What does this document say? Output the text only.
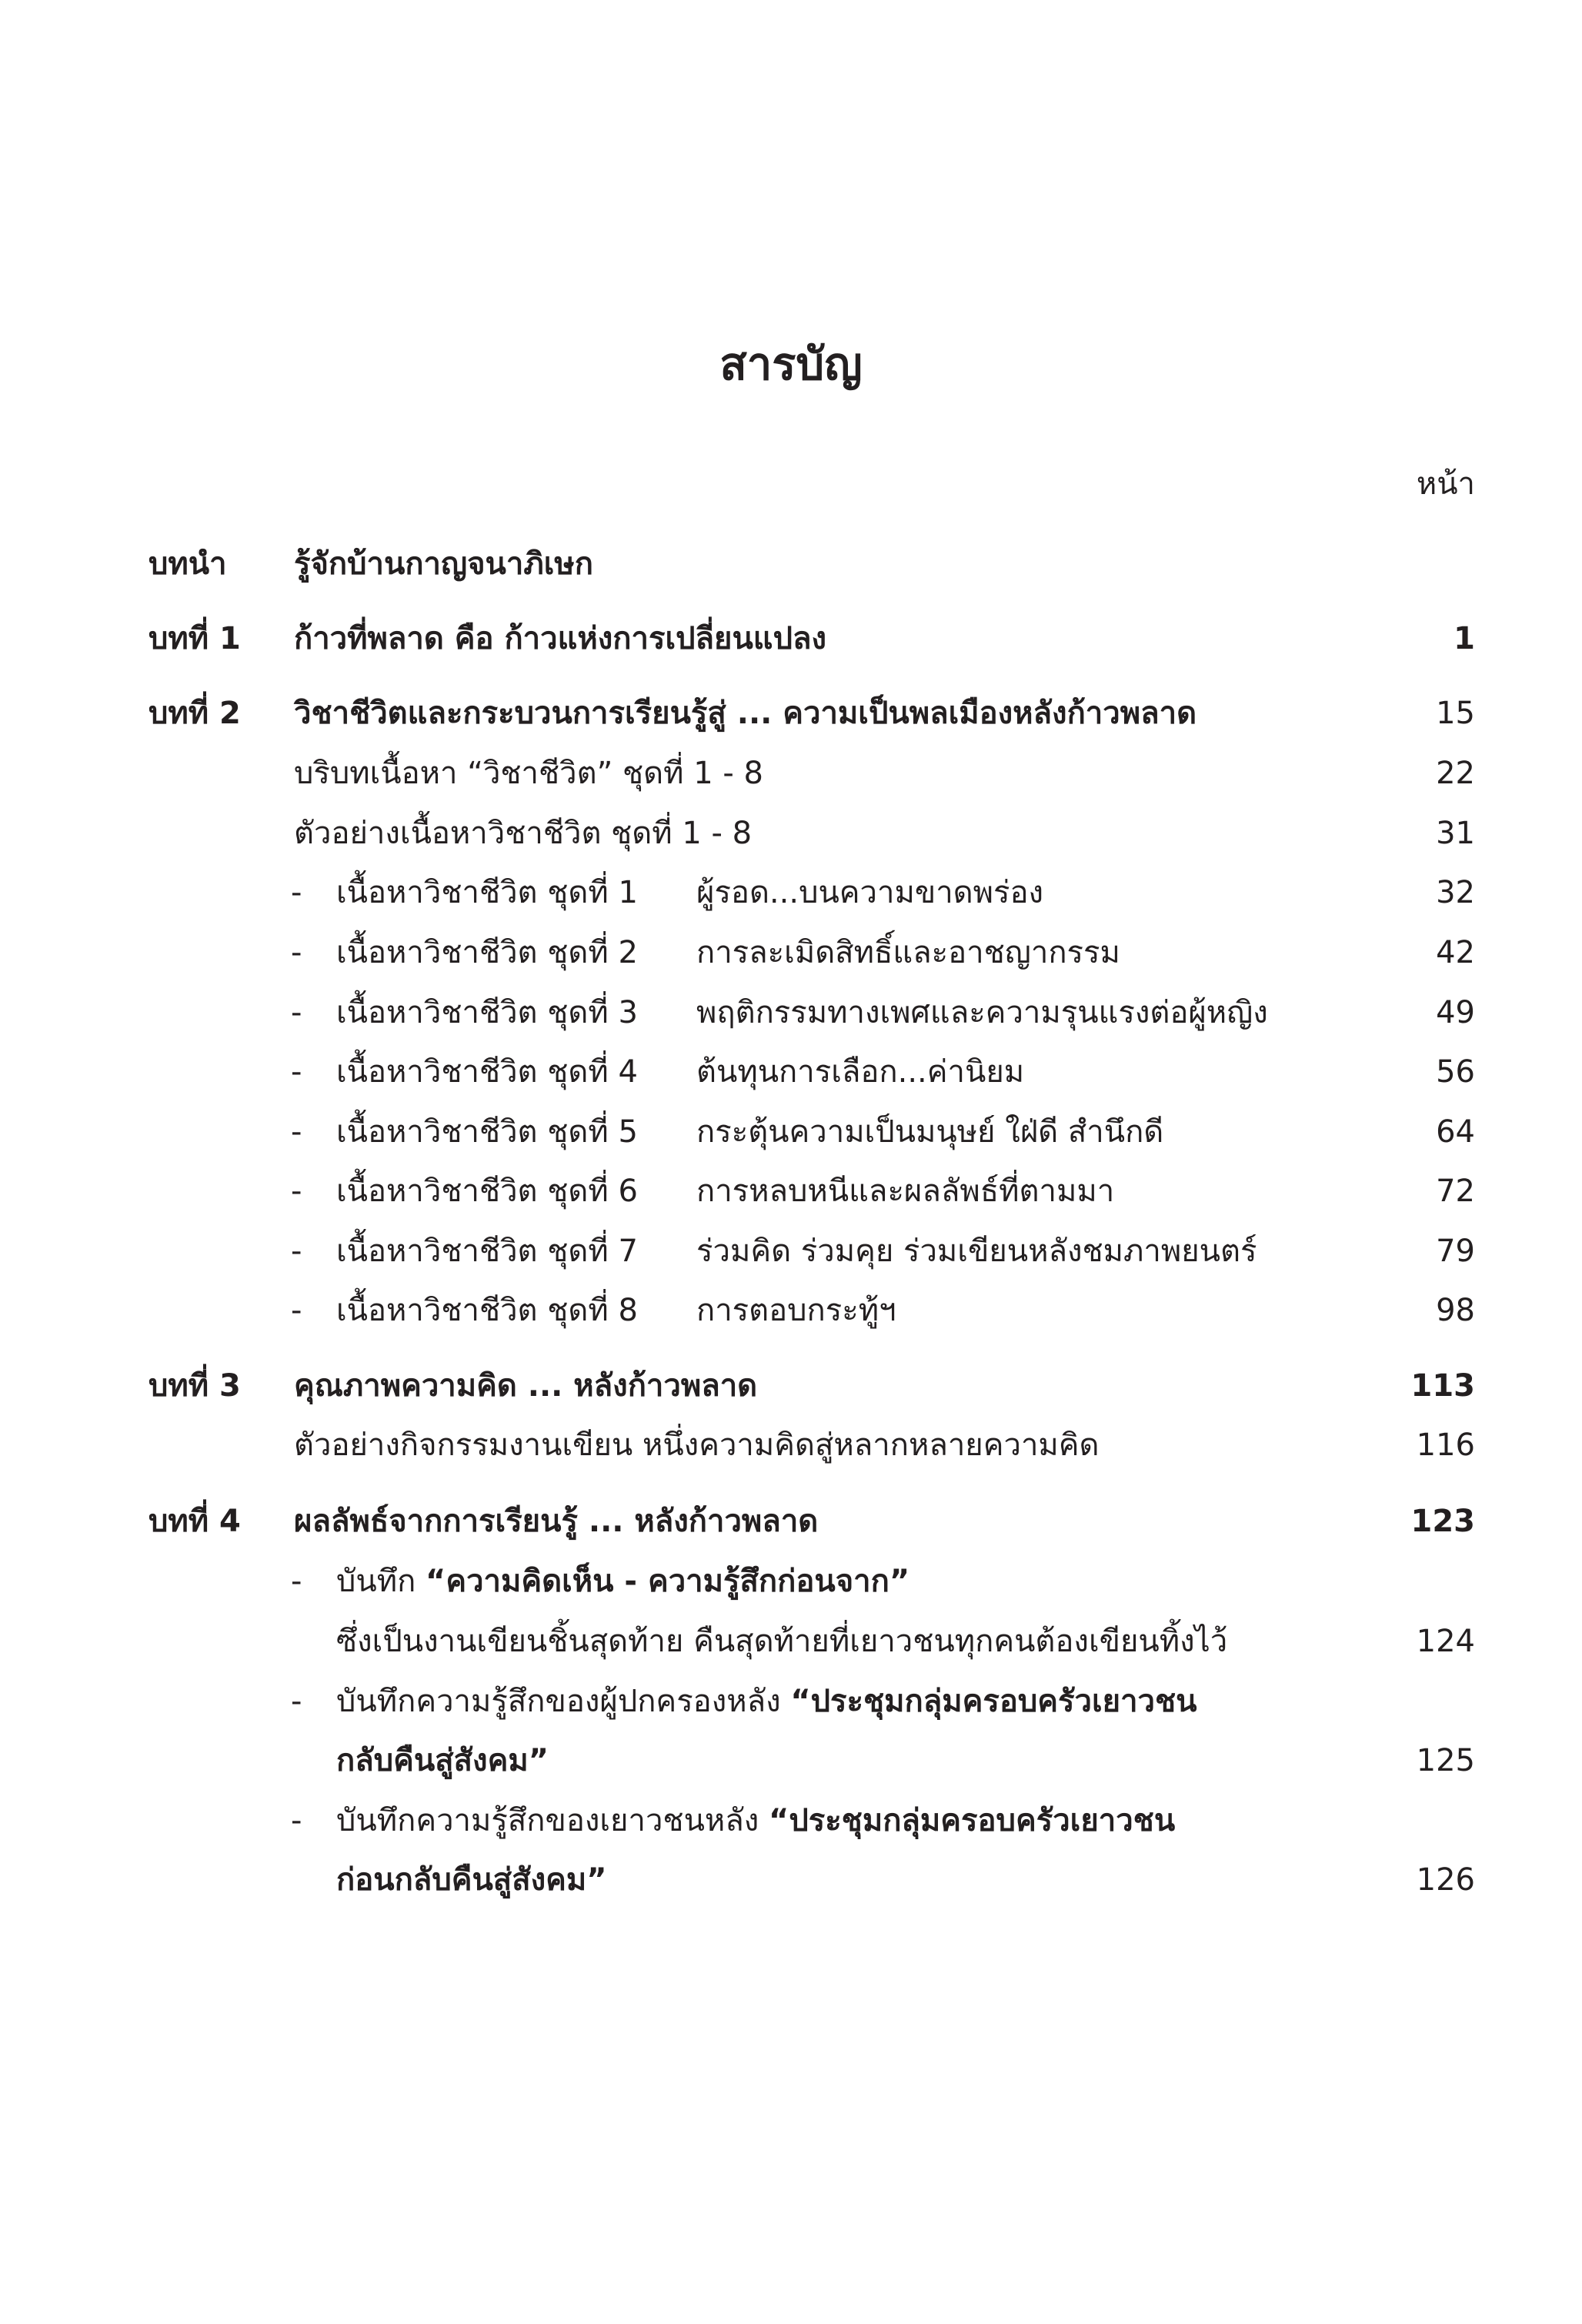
สารบัญ
หน้า
บทนำ รู้จักบ้านกาญจนาภิเษก
บทที่ 1 ก้าวที่พลาด คือ ก้าวแห่งการเปลี่ยนแปลง	1
บทที่ 2 วิชาชีวิตและกระบวนการเรียนรู้สู่ ... ความเป็นพลเมืองหลังก้าวพลาด	15
บริบทเนื้อหา “วิชาชีวิต” ชุดที่ 1 - 8	22
ตัวอย่างเนื้อหาวิชาชีวิต ชุดที่ 1 - 8	31
- เนื้อหาวิชาชีวิต ชุดที่ 1 ผู้รอด...บนความขาดพร่อง	32
- เนื้อหาวิชาชีวิต ชุดที่ 2 การละเมิดสิทธิ์และอาชญากรรม	42
- เนื้อหาวิชาชีวิต ชุดที่ 3 พฤติกรรมทางเพศและความรุนแรงต่อผู้หญิง	49
- เนื้อหาวิชาชีวิต ชุดที่ 4 ต้นทุนการเลือก...ค่านิยม	56
- เนื้อหาวิชาชีวิต ชุดที่ 5 กระตุ้นความเป็นมนุษย์ ใฝ่ดี สำนึกดี	64
- เนื้อหาวิชาชีวิต ชุดที่ 6 การหลบหนีและผลลัพธ์ที่ตามมา	72
- เนื้อหาวิชาชีวิต ชุดที่ 7 ร่วมคิด ร่วมคุย ร่วมเขียนหลังชมภาพยนตร์	79
- เนื้อหาวิชาชีวิต ชุดที่ 8 การตอบกระทู้ฯ	98
บทที่ 3 คุณภาพความคิด ... หลังก้าวพลาด	113
ตัวอย่างกิจกรรมงานเขียน หนึ่งความคิดสู่หลากหลายความคิด	116
บทที่ 4 ผลลัพธ์จากการเรียนรู้ ... หลังก้าวพลาด	123
- บันทึก “ความคิดเห็น - ความรู้สึกก่อนจาก”
ซึ่งเป็นงานเขียนชิ้นสุดท้าย คืนสุดท้ายที่เยาวชนทุกคนต้องเขียนทิ้งไว้	124
- บันทึกความรู้สึกของผู้ปกครองหลัง “ประชุมกลุ่มครอบครัวเยาวชน
กลับคืนสู่สังคม”	125
- บันทึกความรู้สึกของเยาวชนหลัง “ประชุมกลุ่มครอบครัวเยาวชน
ก่อนกลับคืนสู่สังคม”	126
